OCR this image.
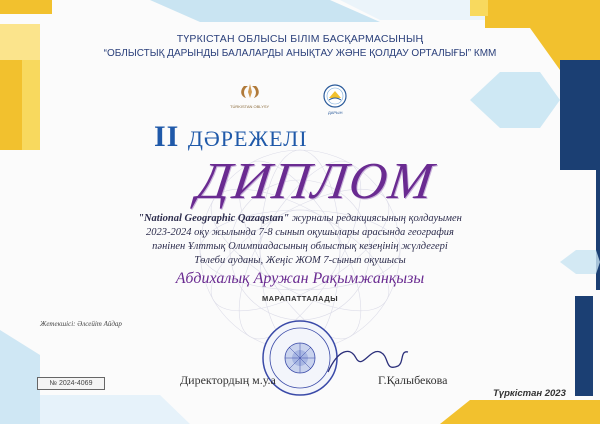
ТҮРКІСТАН ОБЛЫСЫ БІЛІМ БАСҚАРМАСЫНЫҢ
“ОБЛЫСТЫҚ ДАРЫНДЫ БАЛАЛАРДЫ АНЫҚТАУ ЖӘНЕ ҚОЛДАУ ОРТАЛЫҒЫ” КММ
TÚRKISTAN OBLYSY
ДАРЫН
II ДӘРЕЖЕЛІ
ДИПЛОМ
"National Geographic Qazaqstan" журналы редакциясының қолдауымен
2023-2024 оқу жылында 7-8 сынып оқушылары арасында география
пәнінен Ұлттық Олимпиадасының облыстық кезеңінің жүлдегері
Төлеби ауданы, Жеңіс ЖОМ 7-сынып оқушысы
Абдихалық Аружан Рақымжанқызы
МАРАПАТТАЛАДЫ
Жетекшісі: Әлсейіт Айдар
№ 2024-4069	Директордың м.у.а	Г.Қалыбекова
Түркістан 2023
